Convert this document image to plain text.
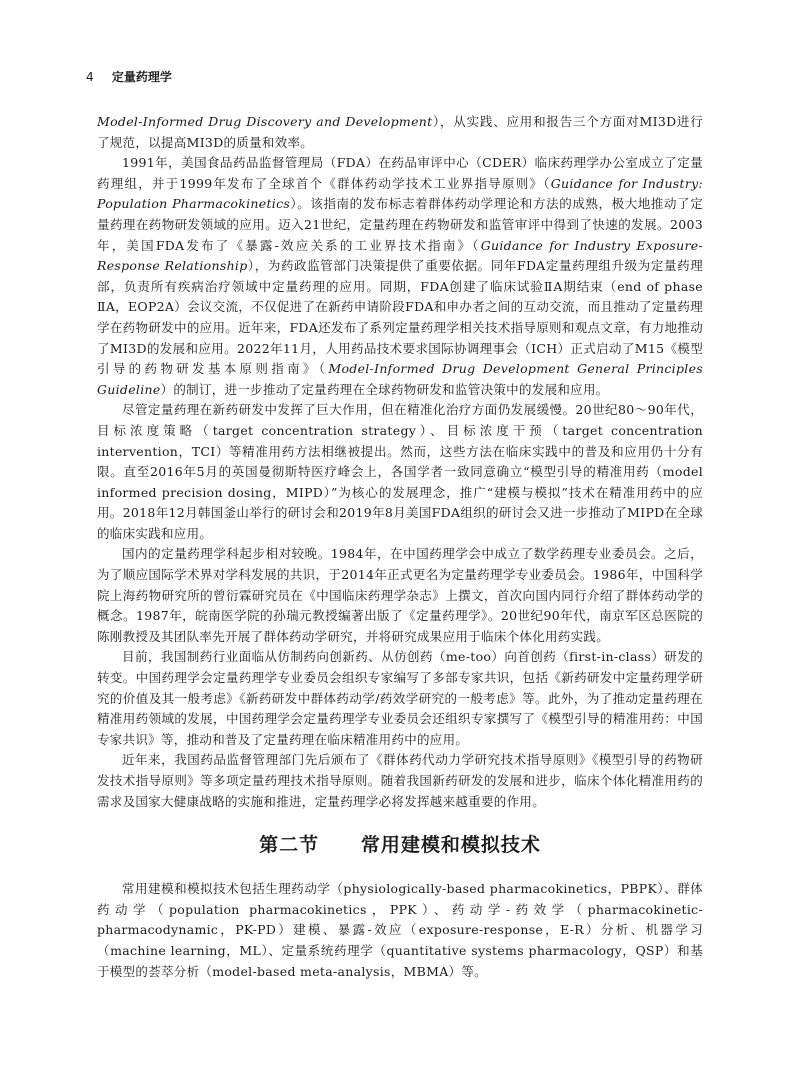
4 定量药理学

Model-Informed Drug Discovery and Development），从实践、应用和报告三个方面对MI3D进行了规范，以提高MI3D的质量和效率。

1991年，美国食品药品监督管理局（FDA）在药品审评中心（CDER）临床药理学办公室成立了定量药理组，并于1999年发布了全球首个《群体药动学技术工业界指导原则》（Guidance for Industry: Population Pharmacokinetics）。该指南的发布标志着群体药动学理论和方法的成熟，极大地推动了定量药理在药物研发领域的应用。迈入21世纪，定量药理在药物研发和监管审评中得到了快速的发展。2003年，美国FDA发布了《暴露-效应关系的工业界技术指南》（Guidance for Industry Exposure-Response Relationship），为药政监管部门决策提供了重要依据。同年FDA定量药理组升级为定量药理部，负责所有疾病治疗领域中定量药理的应用。同期，FDA创建了临床试验ⅡA期结束（end of phase ⅡA，EOP2A）会议交流，不仅促进了在新药申请阶段FDA和申办者之间的互动交流，而且推动了定量药理学在药物研发中的应用。近年来，FDA还发布了系列定量药理学相关技术指导原则和观点文章，有力地推动了MI3D的发展和应用。2022年11月，人用药品技术要求国际协调理事会（ICH）正式启动了M15《模型引导的药物研发基本原则指南》（Model-Informed Drug Development General Principles Guideline）的制订，进一步推动了定量药理在全球药物研发和监管决策中的发展和应用。

尽管定量药理在新药研发中发挥了巨大作用，但在精准化治疗方面仍发展缓慢。20世纪80～90年代，目标浓度策略（target concentration strategy）、目标浓度干预（target concentration intervention，TCI）等精准用药方法相继被提出。然而，这些方法在临床实践中的普及和应用仍十分有限。直至2016年5月的英国曼彻斯特医疗峰会上，各国学者一致同意确立“模型引导的精准用药（model informed precision dosing，MIPD）”为核心的发展理念，推广“建模与模拟”技术在精准用药中的应用。2018年12月韩国釜山举行的研讨会和2019年8月美国FDA组织的研讨会又进一步推动了MIPD在全球的临床实践和应用。

国内的定量药理学科起步相对较晚。1984年，在中国药理学会中成立了数学药理专业委员会。之后，为了顺应国际学术界对学科发展的共识，于2014年正式更名为定量药理学专业委员会。1986年，中国科学院上海药物研究所的曾衍霖研究员在《中国临床药理学杂志》上撰文，首次向国内同行介绍了群体药动学的概念。1987年，皖南医学院的孙瑞元教授编著出版了《定量药理学》。20世纪90年代，南京军区总医院的陈刚教授及其团队率先开展了群体药动学研究，并将研究成果应用于临床个体化用药实践。

目前，我国制药行业面临从仿制药向创新药、从仿创药（me-too）向首创药（first-in-class）研发的转变。中国药理学会定量药理学专业委员会组织专家编写了多部专家共识，包括《新药研发中定量药理学研究的价值及其一般考虑》《新药研发中群体药动学/药效学研究的一般考虑》等。此外，为了推动定量药理在精准用药领域的发展，中国药理学会定量药理学专业委员会还组织专家撰写了《模型引导的精准用药：中国专家共识》等，推动和普及了定量药理在临床精准用药中的应用。

近年来，我国药品监督管理部门先后颁布了《群体药代动力学研究技术指导原则》《模型引导的药物研发技术指导原则》等多项定量药理技术指导原则。随着我国新药研发的发展和进步，临床个体化精准用药的需求及国家大健康战略的实施和推进，定量药理学必将发挥越来越重要的作用。

第二节 常用建模和模拟技术

常用建模和模拟技术包括生理药动学（physiologically-based pharmacokinetics，PBPK）、群体药动学（population pharmacokinetics，PPK）、药动学-药效学（pharmacokinetic-pharmacodynamic，PK-PD）建模、暴露-效应（exposure-response，E-R）分析、机器学习（machine learning，ML）、定量系统药理学（quantitative systems pharmacology，QSP）和基于模型的荟萃分析（model-based meta-analysis，MBMA）等。
